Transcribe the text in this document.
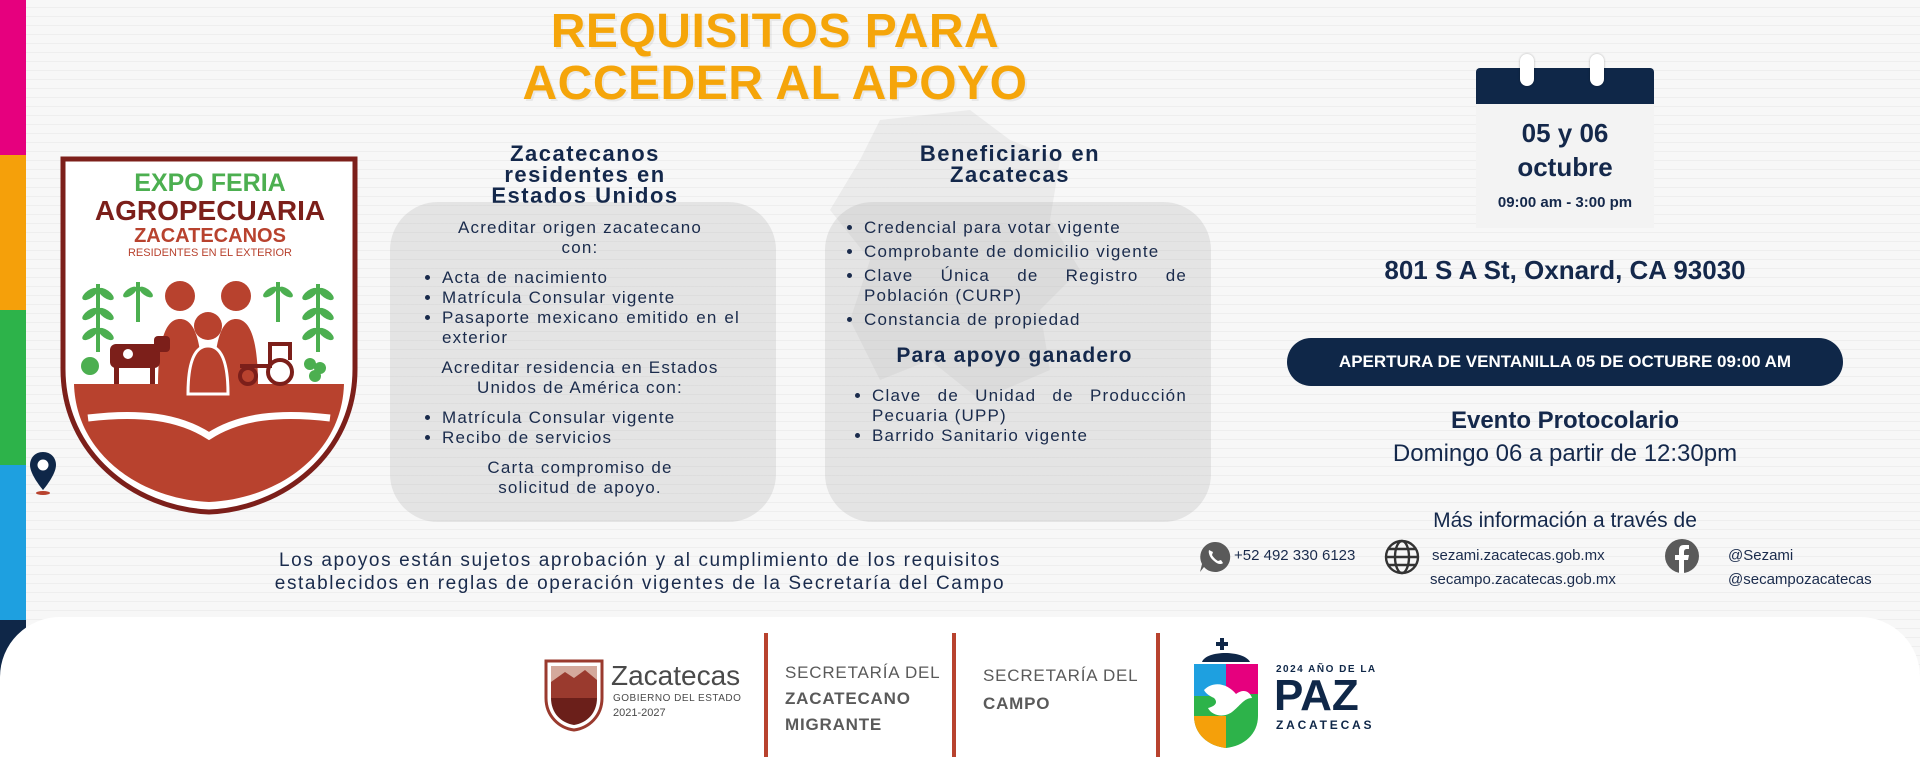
REQUISITOS PARA
ACCEDER AL APOYO
EXPO FERIA
AGROPECUARIA
ZACATECANOS
RESIDENTES EN EL EXTERIOR
Zacatecanos
residentes en
Estados Unidos
Acreditar origen zacatecano con:
• Acta de nacimiento
• Matrícula Consular vigente
• Pasaporte mexicano emitido en el exterior
Acreditar residencia en Estados Unidos de América con:
• Matrícula Consular vigente
• Recibo de servicios
Carta compromiso de solicitud de apoyo.
Beneficiario en
Zacatecas
• Credencial para votar vigente
• Comprobante de domicilio vigente
• Clave Única de Registro de Población (CURP)
• Constancia de propiedad
Para apoyo ganadero
• Clave de Unidad de Producción Pecuaria (UPP)
• Barrido Sanitario vigente
Los apoyos están sujetos aprobación y al cumplimiento de los requisitos
establecidos en reglas de operación vigentes de la Secretaría del Campo
05 y 06
octubre
09:00 am - 3:00 pm
801 S A St, Oxnard, CA 93030
APERTURA DE VENTANILLA 05 DE OCTUBRE 09:00 AM
Evento Protocolario
Domingo 06 a partir de 12:30pm
Más información a través de
+52 492 330 6123	sezami.zacatecas.gob.mx
secampo.zacatecas.gob.mx
@Sezami
@secampozacatecas
Zacatecas
GOBIERNO DEL ESTADO
2021-2027
SECRETARÍA DEL
ZACATECANO
MIGRANTE
SECRETARÍA DEL
CAMPO
2024 AÑO DE LA
PAZ
ZACATECAS
